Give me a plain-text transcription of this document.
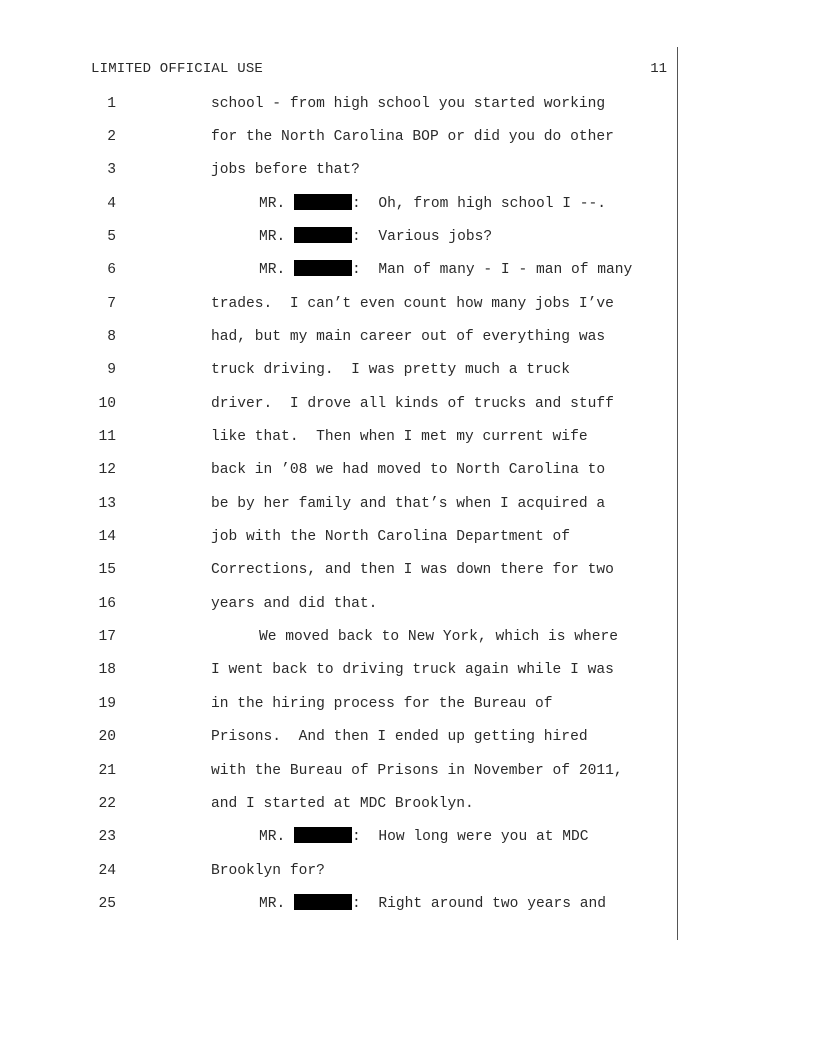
LIMITED OFFICIAL USE	11
1	school - from high school you started working
2	for the North Carolina BOP or did you do other
3	jobs before that?
4	MR.	:  Oh, from high school I --.
5	MR.	:  Various jobs?
6	MR.	:  Man of many - I - man of many
7	trades.  I can’t even count how many jobs I’ve
8	had, but my main career out of everything was
9	truck driving.  I was pretty much a truck
10	driver.  I drove all kinds of trucks and stuff
11	like that.  Then when I met my current wife
12	back in ’08 we had moved to North Carolina to
13	be by her family and that’s when I acquired a
14	job with the North Carolina Department of
15	Corrections, and then I was down there for two
16	years and did that.
17	We moved back to New York, which is where
18	I went back to driving truck again while I was
19	in the hiring process for the Bureau of
20	Prisons.  And then I ended up getting hired
21	with the Bureau of Prisons in November of 2011,
22	and I started at MDC Brooklyn.
23	MR.	:  How long were you at MDC
24	Brooklyn for?
25	MR.	:  Right around two years and
